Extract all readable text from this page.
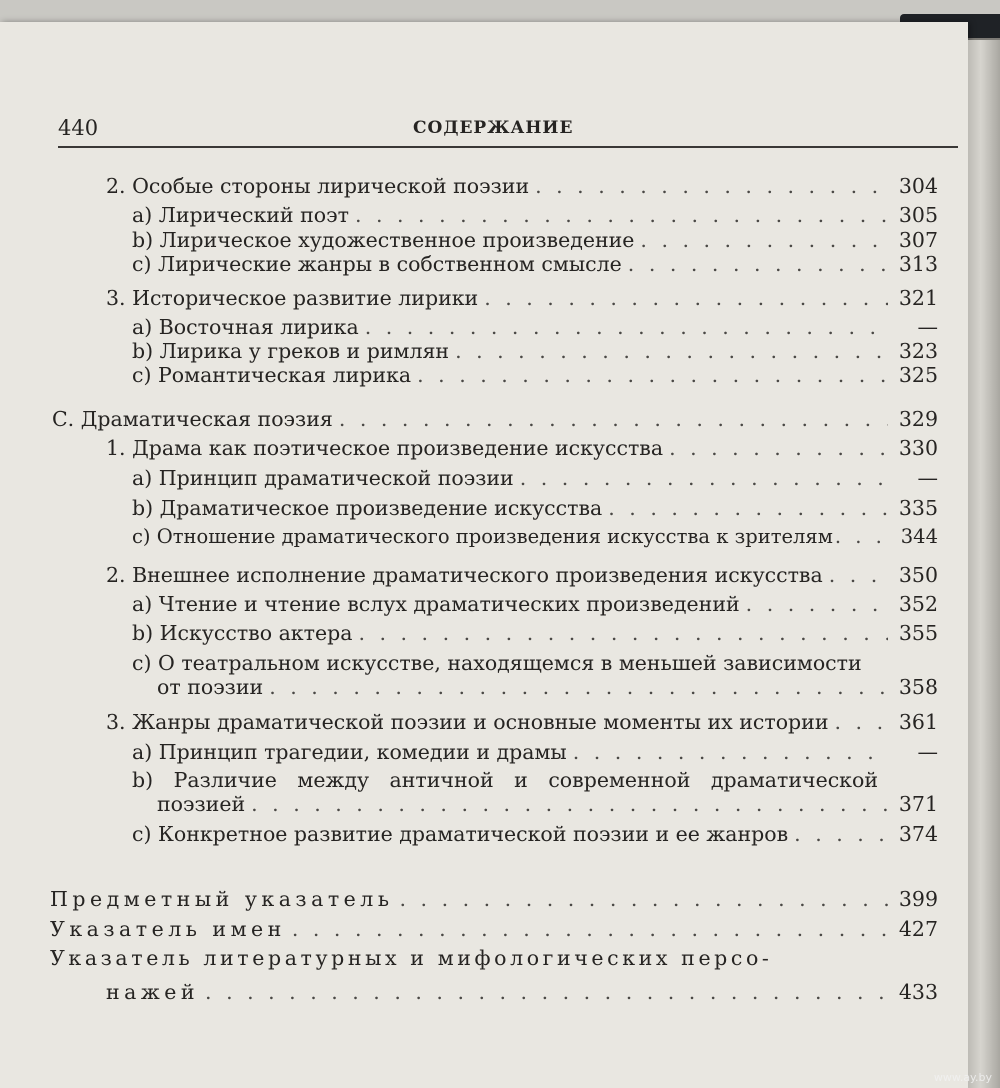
440	СОДЕРЖАНИЕ
2. Особые стороны лирической поэзии . . .	304
a) Лирический поэт . . .	305
b) Лирическое художественное произведение . . .	307
c) Лирические жанры в собственном смысле . . .	313
3. Историческое развитие лирики . . .	321
a) Восточная лирика . . .	—
b) Лирика у греков и римлян . . .	323
c) Романтическая лирика . . .	325
С. Драматическая поэзия . . .	329
1. Драма как поэтическое произведение искусства . . .	330
a) Принцип драматической поэзии . . .	—
b) Драматическое произведение искусства . . .	335
c) Отношение драматического произведения искусства к зрителям . . .	344
2. Внешнее исполнение драматического произведения искусства . . .	350
a) Чтение и чтение вслух драматических произведений . . .	352
b) Искусство актера . . .	355
c) О театральном искусстве, находящемся в меньшей зависимости
от поэзии . . .	358
3. Жанры драматической поэзии и основные моменты их истории . . .	361
a) Принцип трагедии, комедии и драмы . . .	—
b) Различие между античной и современной драматической
поэзией . . .	371
c) Конкретное развитие драматической поэзии и ее жанров . . .	374
Предметный указатель . . .	399
Указатель имен . . .	427
Указатель литературных и мифологических персо-
нажей . . .	433
www.ay.by
